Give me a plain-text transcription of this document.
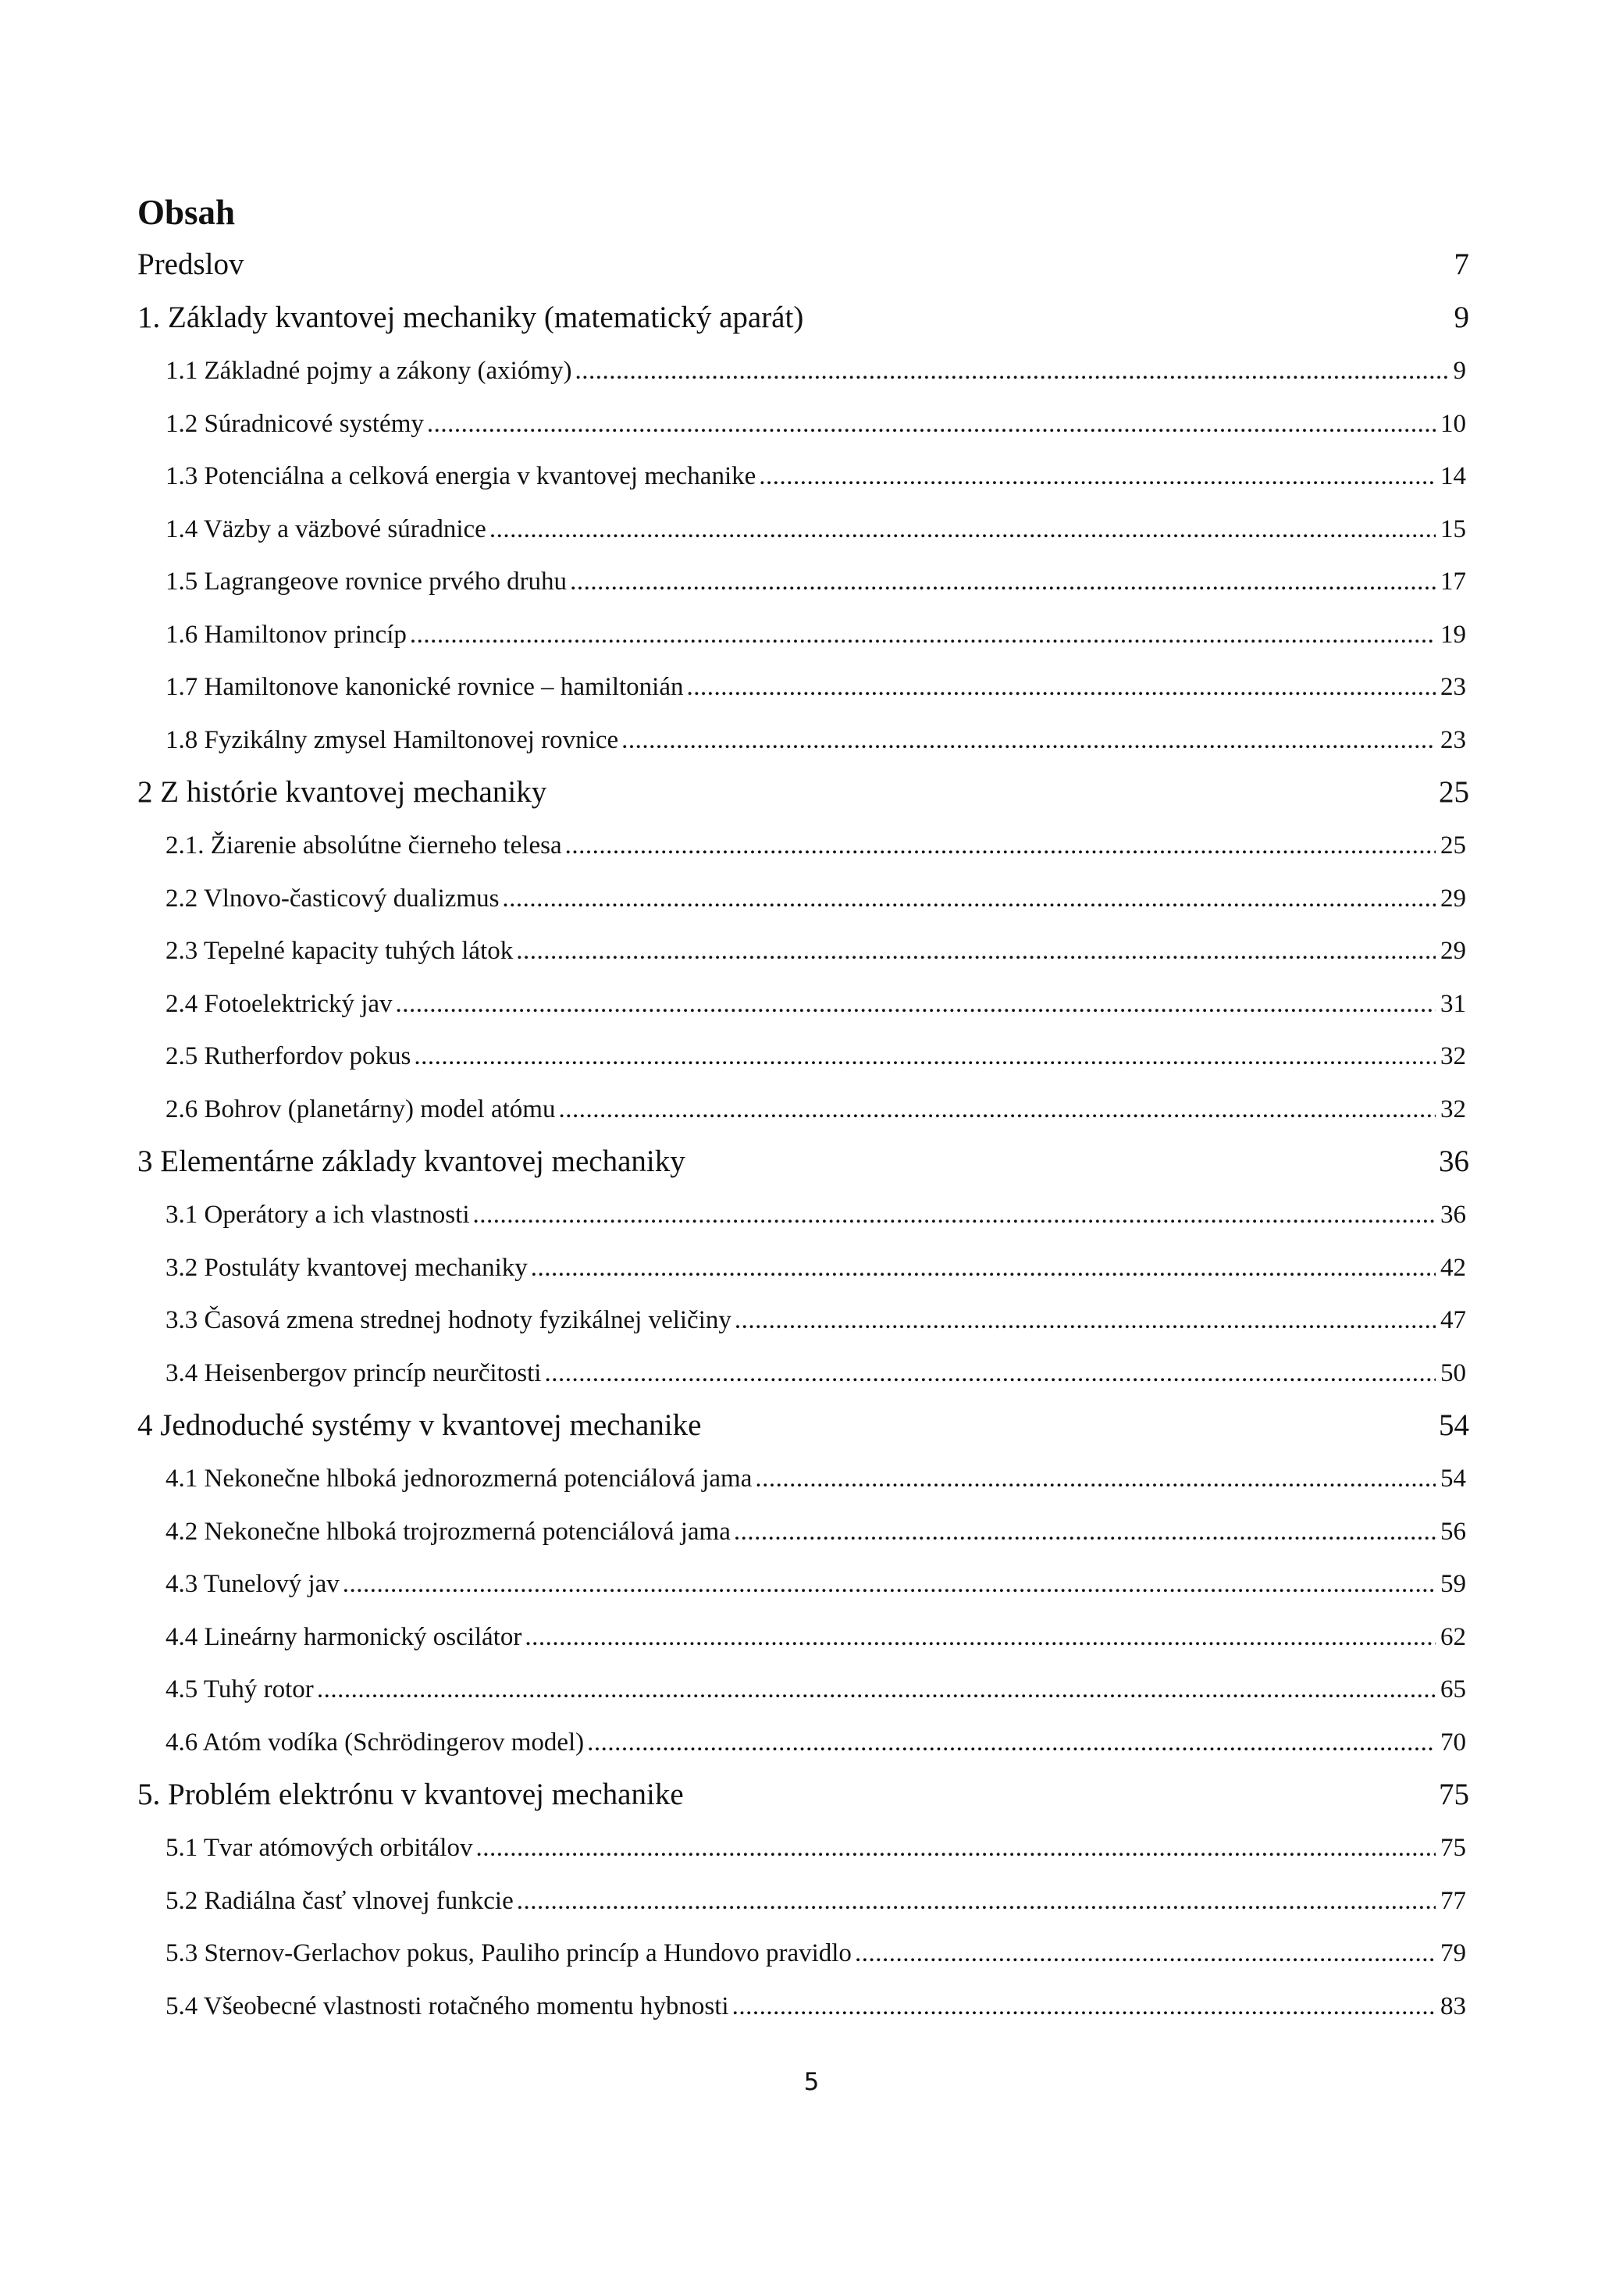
Obsah
Predslov	7
1. Základy kvantovej mechaniky (matematický aparát)	9
1.1 Základné pojmy a zákony (axiómy) .....	9
1.2 Súradnicové systémy .....	10
1.3 Potenciálna a celková energia v kvantovej mechanike .....	14
1.4 Väzby a väzbové súradnice .....	15
1.5 Lagrangeove rovnice prvého druhu .....	17
1.6 Hamiltonov princíp .....	19
1.7 Hamiltonove kanonické rovnice – hamiltonián .....	23
1.8 Fyzikálny zmysel Hamiltonovej rovnice .....	23
2 Z histórie kvantovej mechaniky	25
2.1. Žiarenie absolútne čierneho telesa .....	25
2.2 Vlnovo-časticový dualizmus .....	29
2.3 Tepelné kapacity tuhých látok .....	29
2.4 Fotoelektrický jav .....	31
2.5 Rutherfordov pokus .....	32
2.6 Bohrov (planetárny) model atómu .....	32
3 Elementárne základy kvantovej mechaniky	36
3.1 Operátory a ich vlastnosti .....	36
3.2 Postuláty kvantovej mechaniky .....	42
3.3 Časová zmena strednej hodnoty fyzikálnej veličiny .....	47
3.4 Heisenbergov princíp neurčitosti .....	50
4 Jednoduché systémy v kvantovej mechanike	54
4.1 Nekonečne hlboká jednorozmerná potenciálová jama .....	54
4.2 Nekonečne hlboká trojrozmerná potenciálová jama .....	56
4.3 Tunelový jav .....	59
4.4 Lineárny harmonický oscilátor .....	62
4.5 Tuhý rotor .....	65
4.6 Atóm vodíka (Schrödingerov model) .....	70
5. Problém elektrónu v kvantovej mechanike	75
5.1 Tvar atómových orbitálov .....	75
5.2 Radiálna časť vlnovej funkcie .....	77
5.3 Sternov-Gerlachov pokus, Pauliho princíp a Hundovo pravidlo .....	79
5.4 Všeobecné vlastnosti rotačného momentu hybnosti .....	83
5
